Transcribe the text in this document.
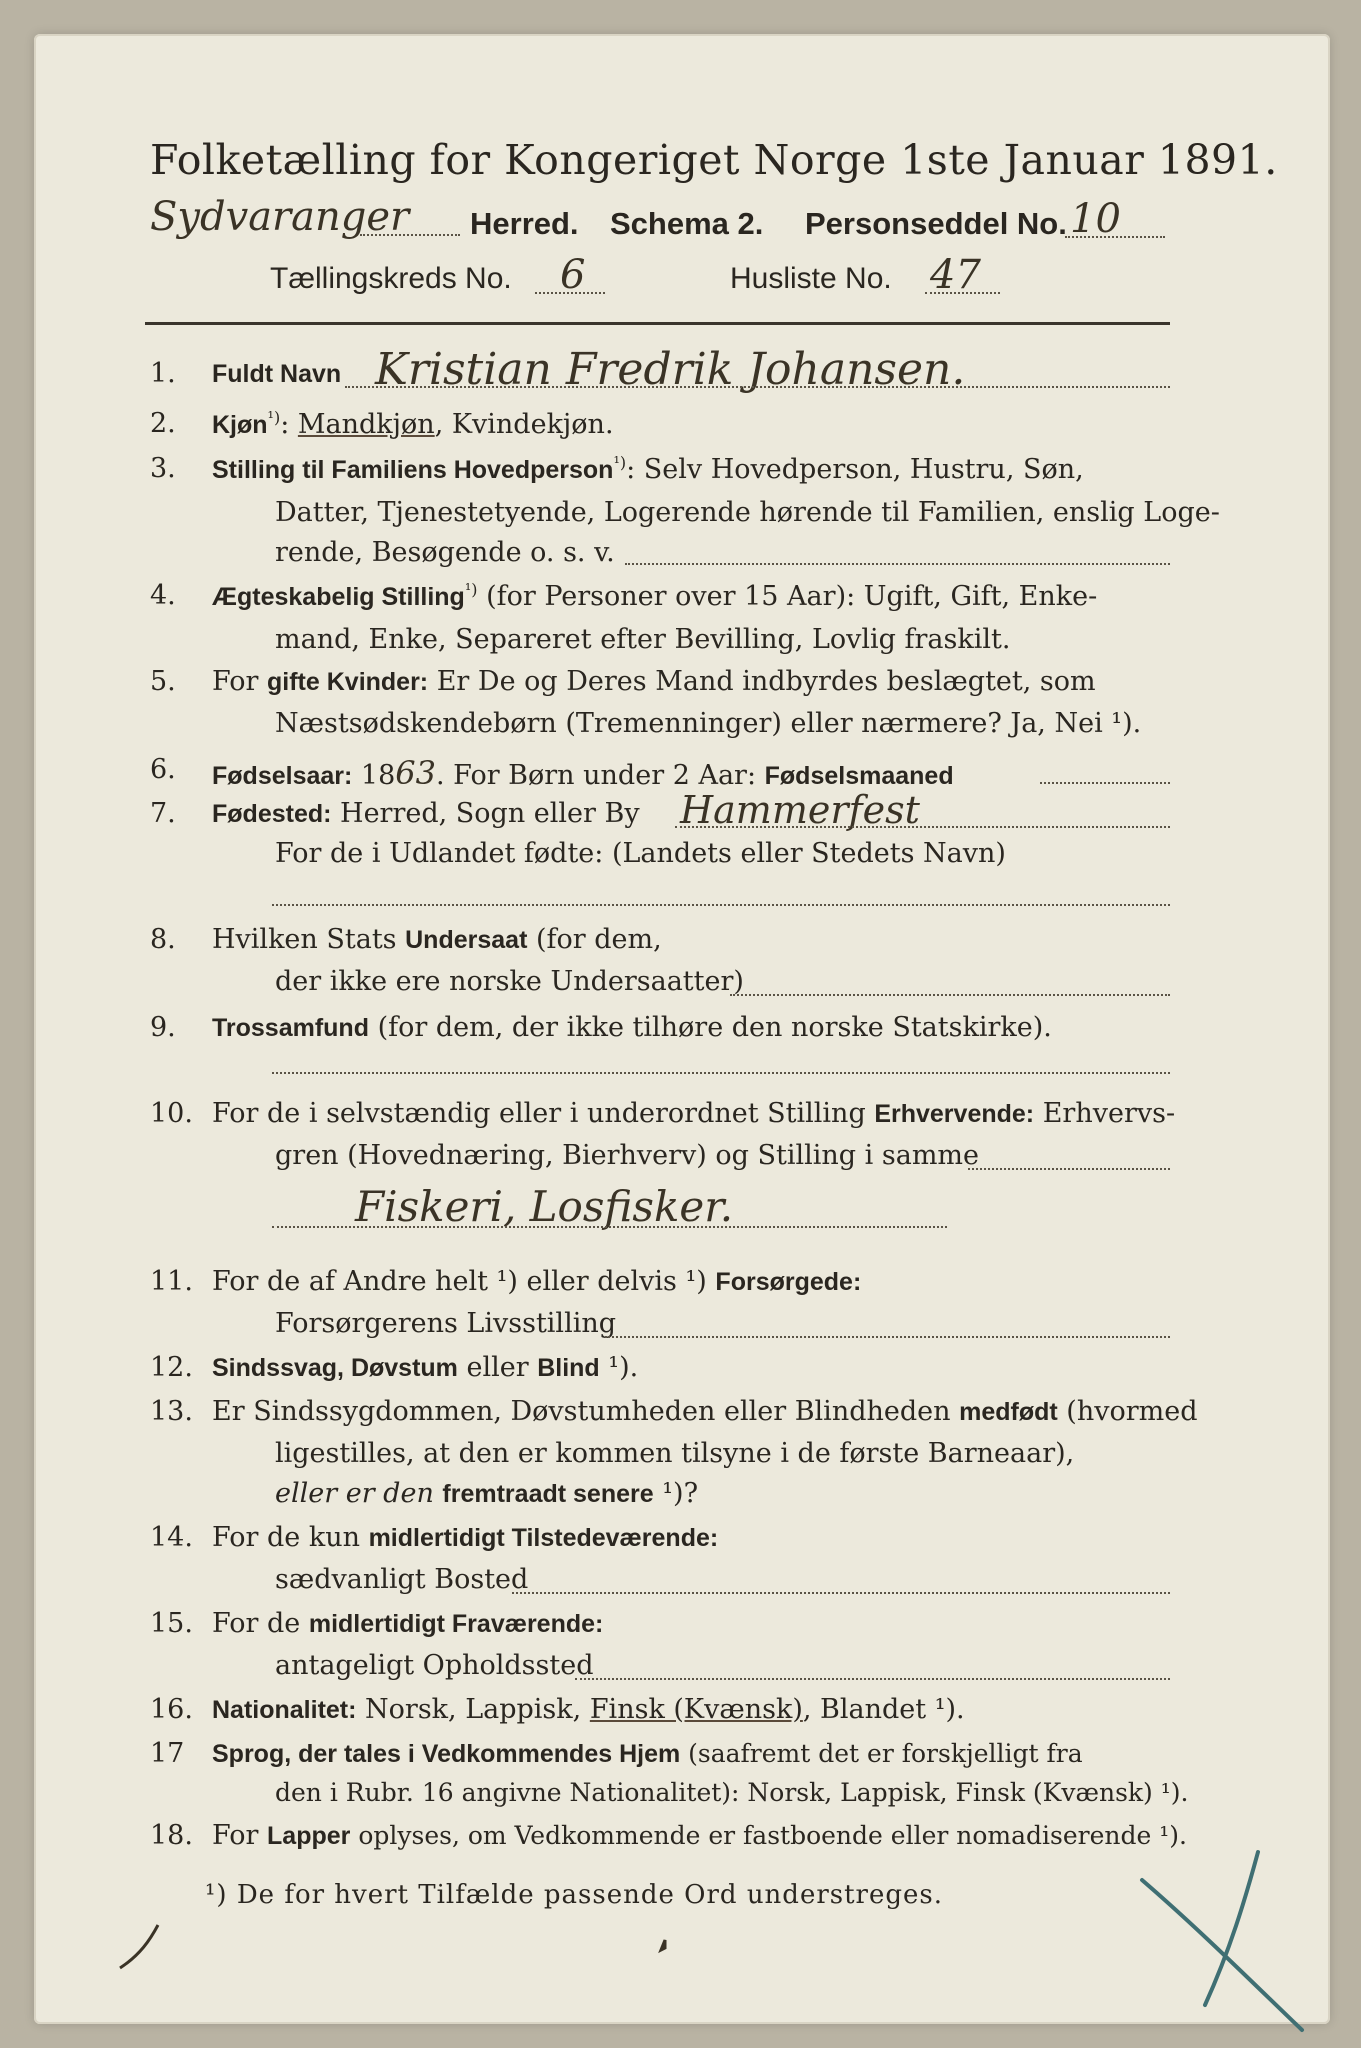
Folketælling for Kongeriget Norge 1ste Januar 1891.
Sydvaranger Herred. Schema 2. Personseddel No. 10
Tællingskreds No. 6	Husliste No. 47
1. Fuldt Navn Kristian Fredrik Johansen.
2. Kjøn$^{^1)}$: Mandkjøn, Kvindekjøn.
3. Stilling til Familiens Hovedperson$^{^1)}$: Selv Hovedperson, Hustru, Søn,
Datter, Tjenestetyende, Logerende hørende til Familien, enslig Loge-
rende, Besøgende o. s. v.
4. Ægteskabelig Stilling$^{^1)}$ (for Personer over 15 Aar): Ugift, Gift, Enke-
mand, Enke, Separeret efter Bevilling, Lovlig fraskilt.
5. For gifte Kvinder: Er De og Deres Mand indbyrdes beslægtet, som
Næstsødskendebørn (Tremenninger) eller nærmere? Ja, Nei ¹).
6. Fødselsaar: 1863. For Børn under 2 Aar: Fødselsmaaned
7. Fødested: Herred, Sogn eller By Hammerfest
For de i Udlandet fødte: (Landets eller Stedets Navn)
8. Hvilken Stats Undersaat (for dem,
der ikke ere norske Undersaatter)
9. Trossamfund (for dem, der ikke tilhøre den norske Statskirke).
10. For de i selvstændig eller i underordnet Stilling Erhvervende: Erhvervs-
gren (Hovednæring, Bierhverv) og Stilling i samme
Fiskeri, Losfisker.
11. For de af Andre helt ¹) eller delvis ¹) Forsørgede:
Forsørgerens Livsstilling
12. Sindssvag, Døvstum eller Blind ¹).
13. Er Sindssygdommen, Døvstumheden eller Blindheden medfødt (hvormed
ligestilles, at den er kommen tilsyne i de første Barneaar),
eller er den fremtraadt senere ¹)?
14. For de kun midlertidigt Tilstedeværende:
sædvanligt Bosted
15. For de midlertidigt Fraværende:
antageligt Opholdssted
16. Nationalitet: Norsk, Lappisk, Finsk (Kvænsk), Blandet ¹).
17 Sprog, der tales i Vedkommendes Hjem (saafremt det er forskjelligt fra
den i Rubr. 16 angivne Nationalitet): Norsk, Lappisk, Finsk (Kvænsk) ¹).
18. For Lapper oplyses, om Vedkommende er fastboende eller nomadiserende ¹).
¹) De for hvert Tilfælde passende Ord understreges.
